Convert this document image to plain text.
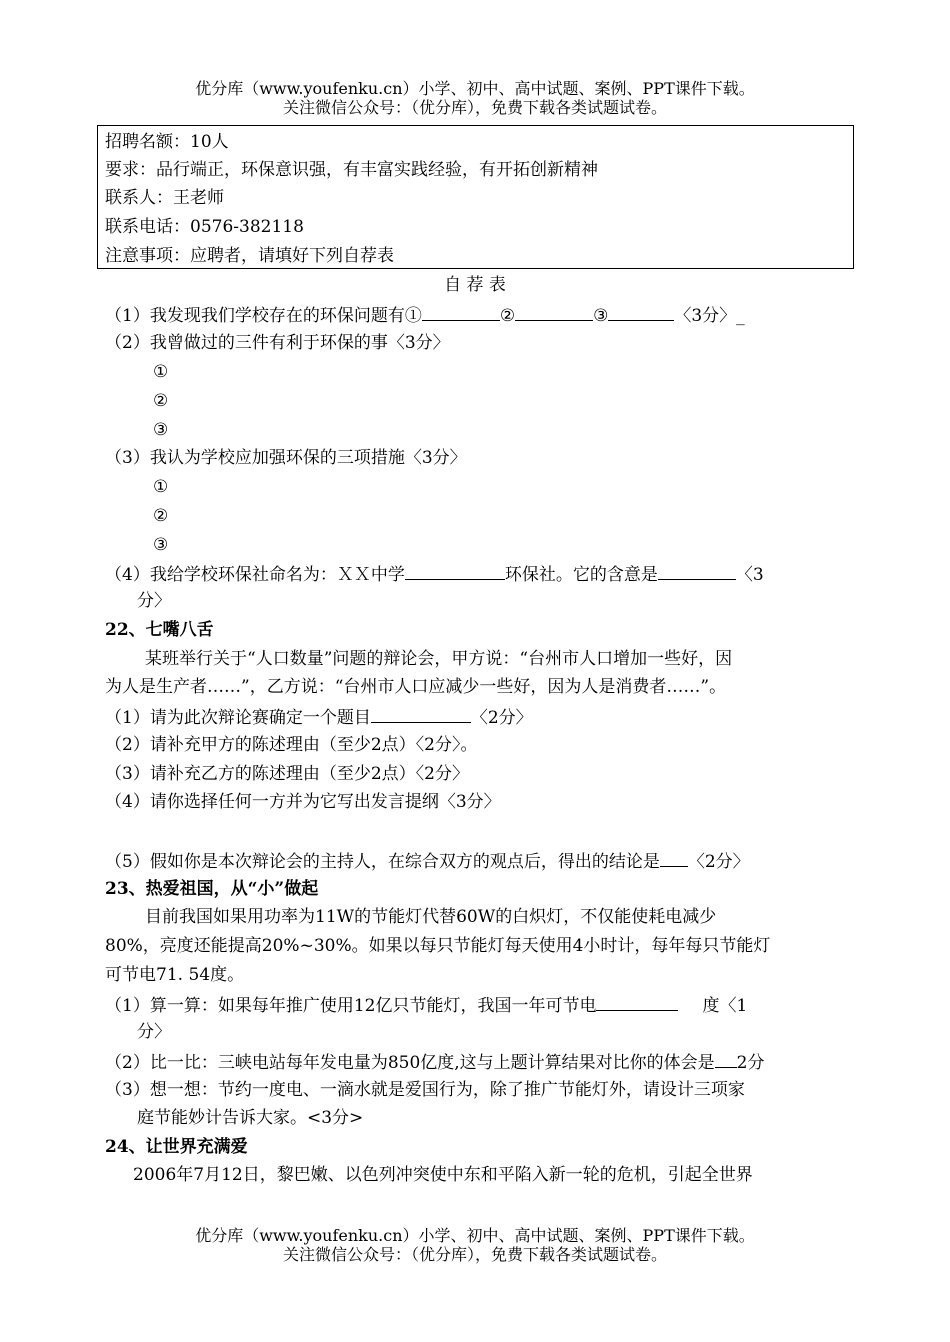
优分库（www.youfenku.cn）小学、初中、高中试题、案例、PPT课件下载。
关注微信公众号：（优分库），免费下载各类试题试卷。
招聘名额：10人
要求：品行端正，环保意识强，有丰富实践经验，有开拓创新精神
联系人：王老师
联系电话：0576-382118
注意事项：应聘者，请填好下列自荐表
自 荐 表
（1）我发现我们学校存在的环保问题有①	②	③	〈3分〉_
（2）我曾做过的三件有利于环保的事〈3分〉
①
②
③
（3）我认为学校应加强环保的三项措施〈3分〉
①
②
③
（4）我给学校环保社命名为：ＸＸ中学	环保社。它的含意是	〈3
分〉
22、七嘴八舌
某班举行关于“人口数量”问题的辩论会，甲方说：“台州市人口增加一些好，因
为人是生产者……”，乙方说：“台州市人口应减少一些好，因为人是消费者……”。
（1）请为此次辩论赛确定一个题目	〈2分〉
（2）请补充甲方的陈述理由（至少2点）〈2分〉。
（3）请补充乙方的陈述理由（至少2点）〈2分〉
（4）请你选择任何一方并为它写出发言提纲〈3分〉
（5）假如你是本次辩论会的主持人，在综合双方的观点后，得出的结论是 〈2分〉
23、热爱祖国，从“小”做起
目前我国如果用功率为11W的节能灯代替60W的白炽灯，不仅能使耗电减少
80%，亮度还能提高20%~30%。如果以每只节能灯每天使用4小时计，每年每只节能灯
可节电71. 54度。
（1）算一算：如果每年推广使用12亿只节能灯，我国一年可节电	度〈1
分〉
（2）比一比：三峡电站每年发电量为850亿度,这与上题计算结果对比你的体会是 2分
（3）想一想：节约一度电、一滴水就是爱国行为，除了推广节能灯外，请设计三项家
庭节能妙计告诉大家。<3分>
24、让世界充满爱
2006年7月12日，黎巴嫩、以色列冲突使中东和平陷入新一轮的危机，引起全世界
优分库（www.youfenku.cn）小学、初中、高中试题、案例、PPT课件下载。
关注微信公众号：（优分库），免费下载各类试题试卷。
